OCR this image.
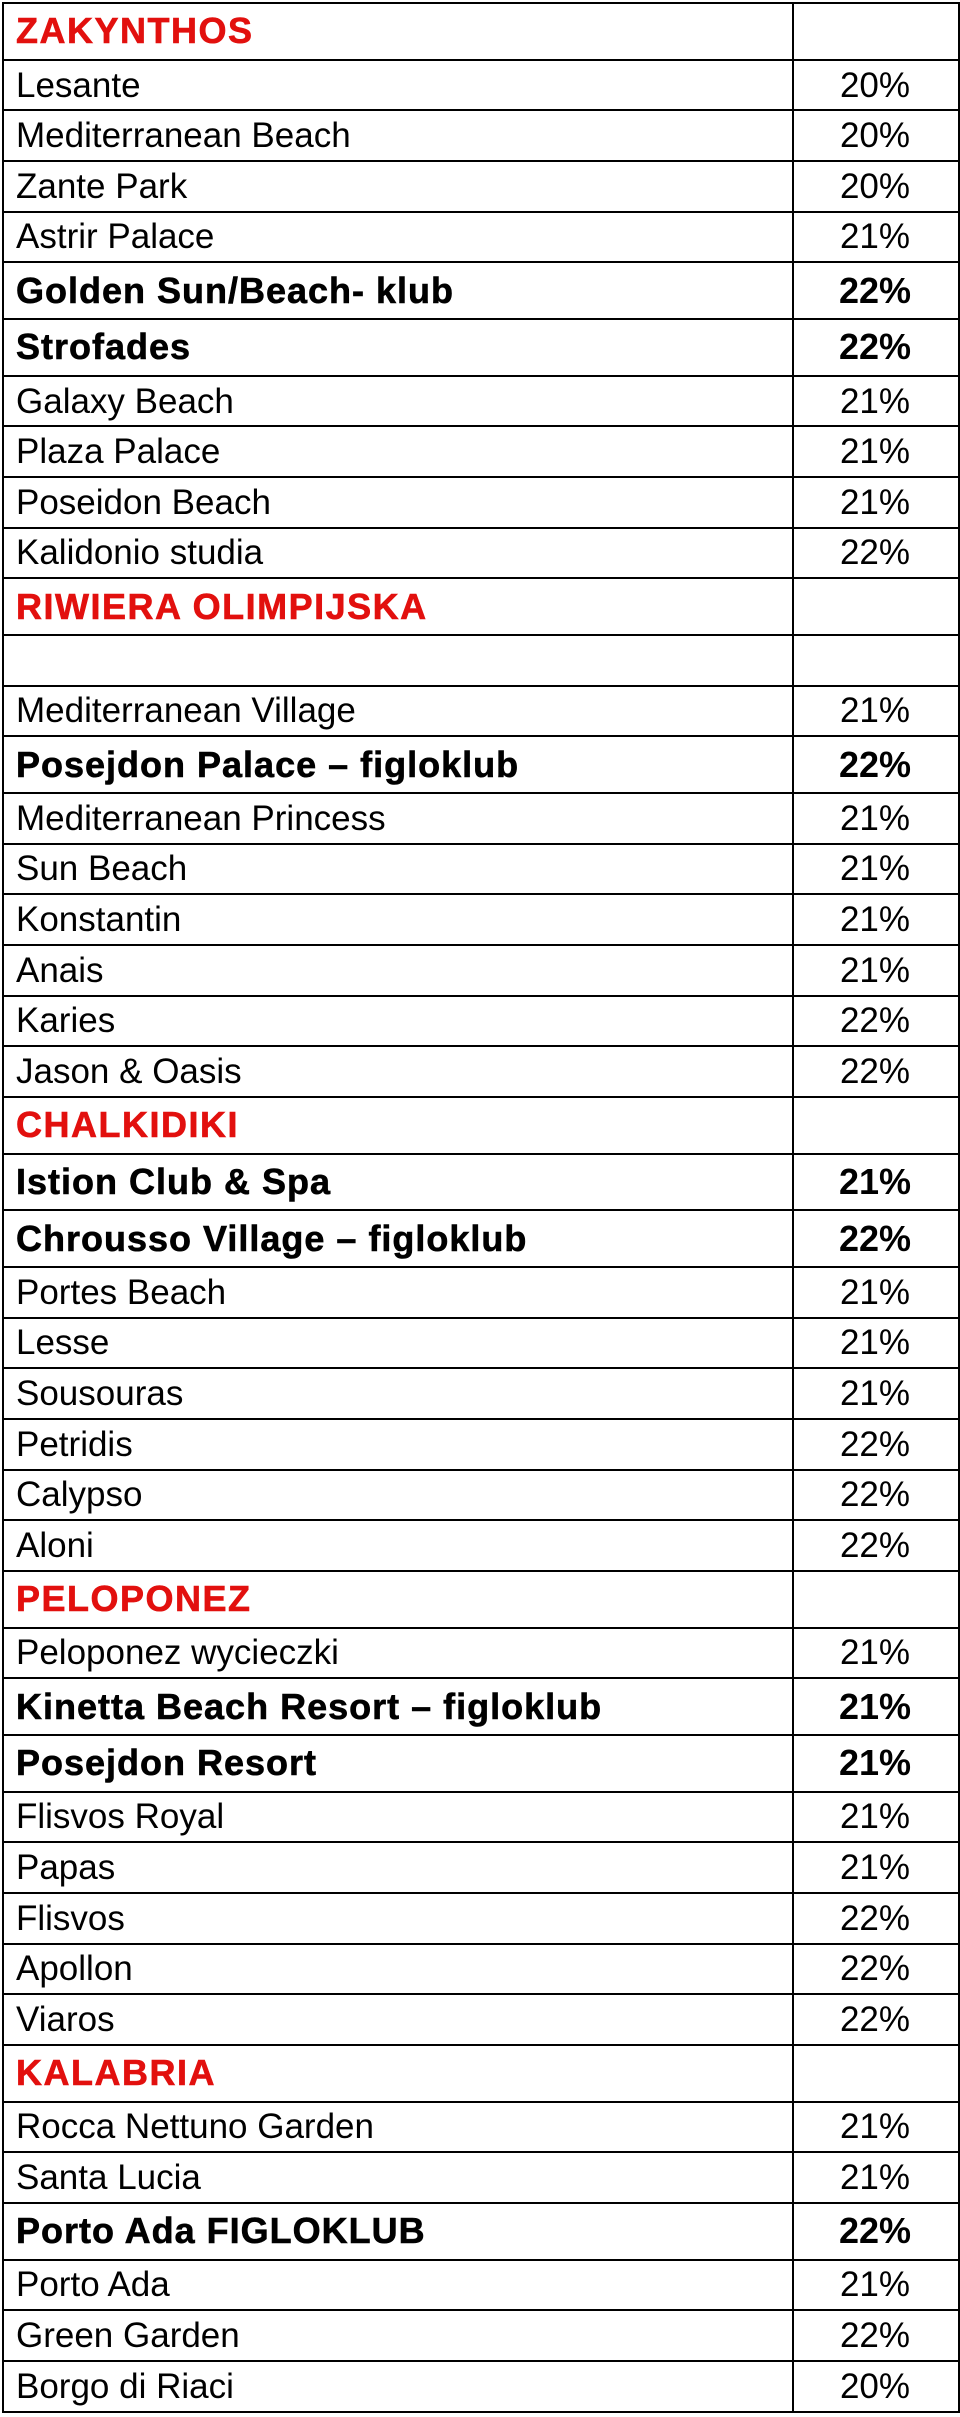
ZAKYNTHOS	
Lesante	20%
Mediterranean Beach	20%
Zante Park	20%
Astrir Palace	21%
Golden Sun/Beach- klub	22%
Strofades	22%
Galaxy Beach	21%
Plaza Palace	21%
Poseidon Beach	21%
Kalidonio studia	22%
RIWIERA OLIMPIJSKA	

Mediterranean Village	21%
Posejdon Palace – figloklub	22%
Mediterranean Princess	21%
Sun Beach	21%
Konstantin	21%
Anais	21%
Karies	22%
Jason & Oasis	22%
CHALKIDIKI	
Istion Club & Spa	21%
Chrousso Village – figloklub	22%
Portes Beach	21%
Lesse	21%
Sousouras	21%
Petridis	22%
Calypso	22%
Aloni	22%
PELOPONEZ	
Peloponez wycieczki	21%
Kinetta Beach Resort – figloklub	21%
Posejdon Resort	21%
Flisvos Royal	21%
Papas	21%
Flisvos	22%
Apollon	22%
Viaros	22%
KALABRIA	
Rocca Nettuno Garden	21%
Santa Lucia	21%
Porto Ada FIGLOKLUB	22%
Porto Ada	21%
Green Garden	22%
Borgo di Riaci	20%
